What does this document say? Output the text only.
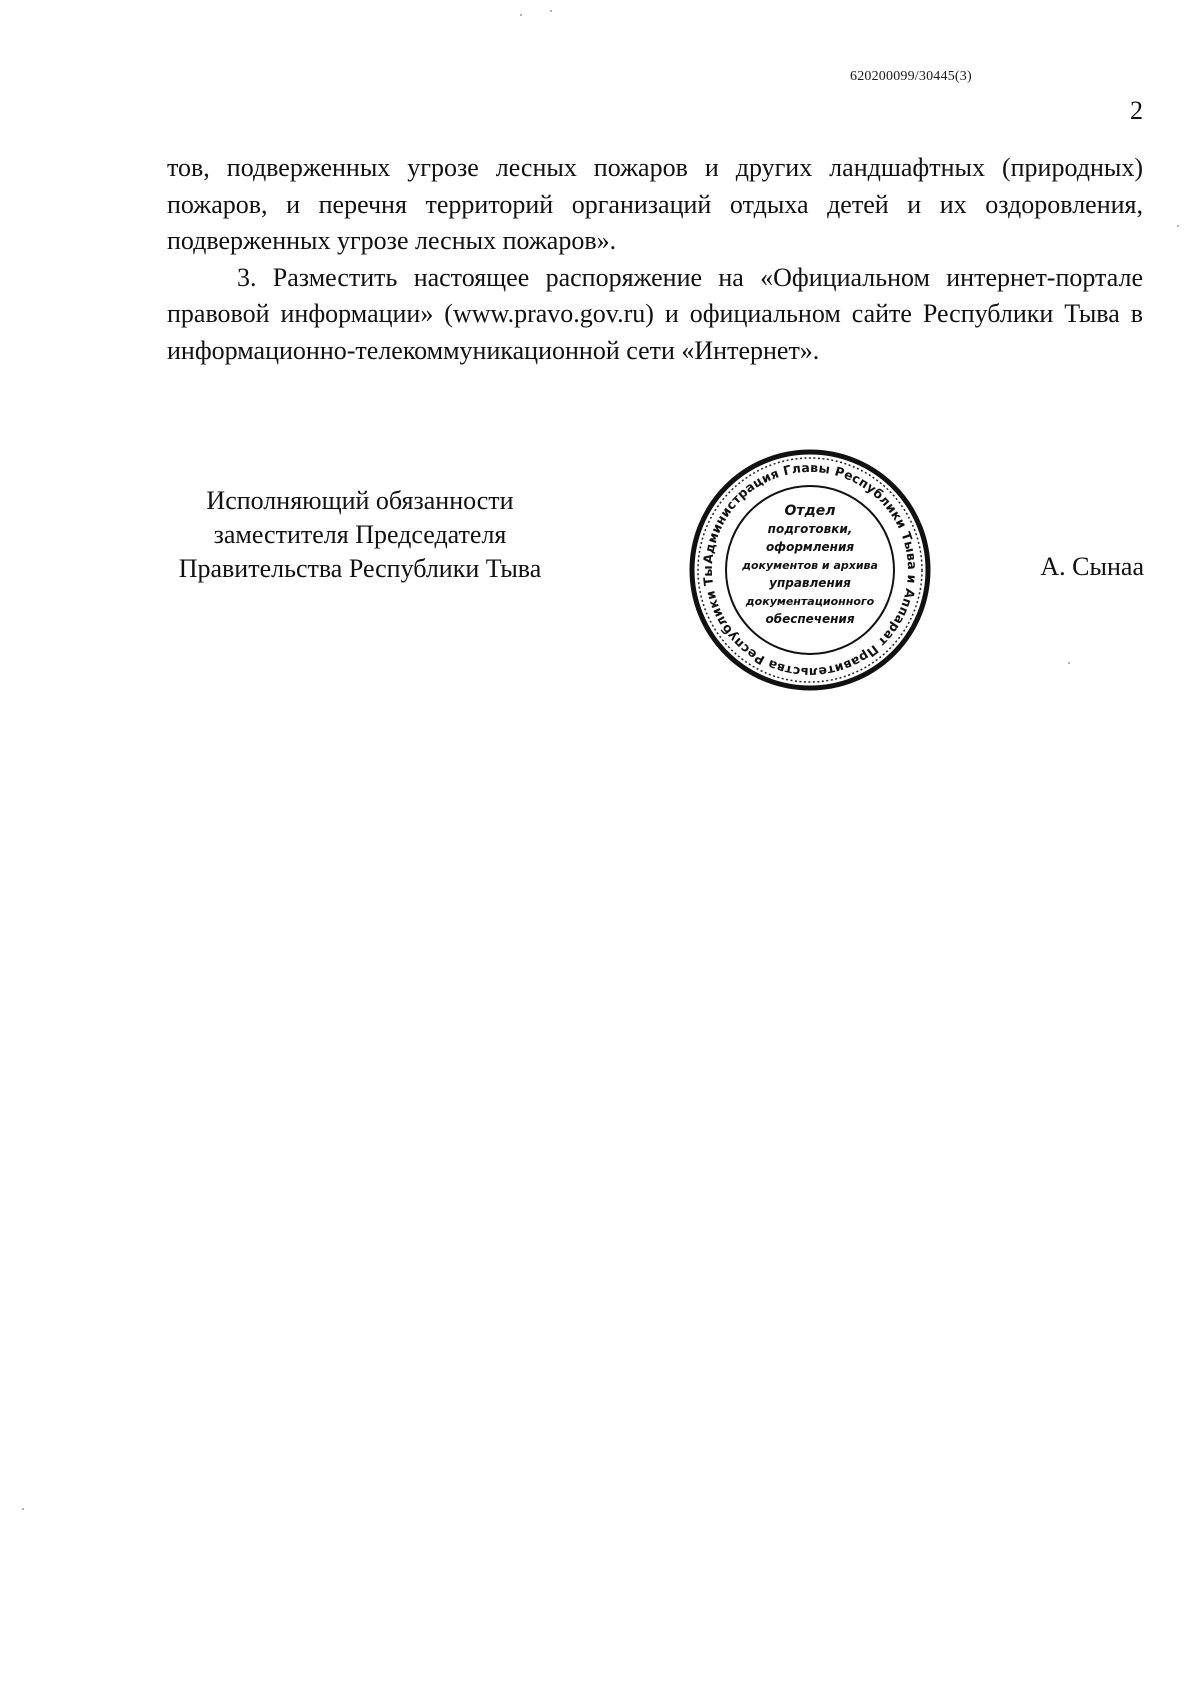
620200099/30445(3)
2

тов, подверженных угрозе лесных пожаров и других ландшафтных (природных) пожаров, и перечня территорий организаций отдыха детей и их оздоровления, подверженных угрозе лесных пожаров».

3. Разместить настоящее распоряжение на «Официальном интернет-портале правовой информации» (www.pravo.gov.ru) и официальном сайте Республики Тыва в информационно-телекоммуникационной сети «Интернет».

Исполняющий обязанности
заместителя Председателя
Правительства Республики Тыва	Администрация Главы Республики Тыва и Аппарат Правительства Республики Ты
Отдел
подготовки,
оформления
документов и архива
управления
документационного
обеспечения
А. Сынаа
